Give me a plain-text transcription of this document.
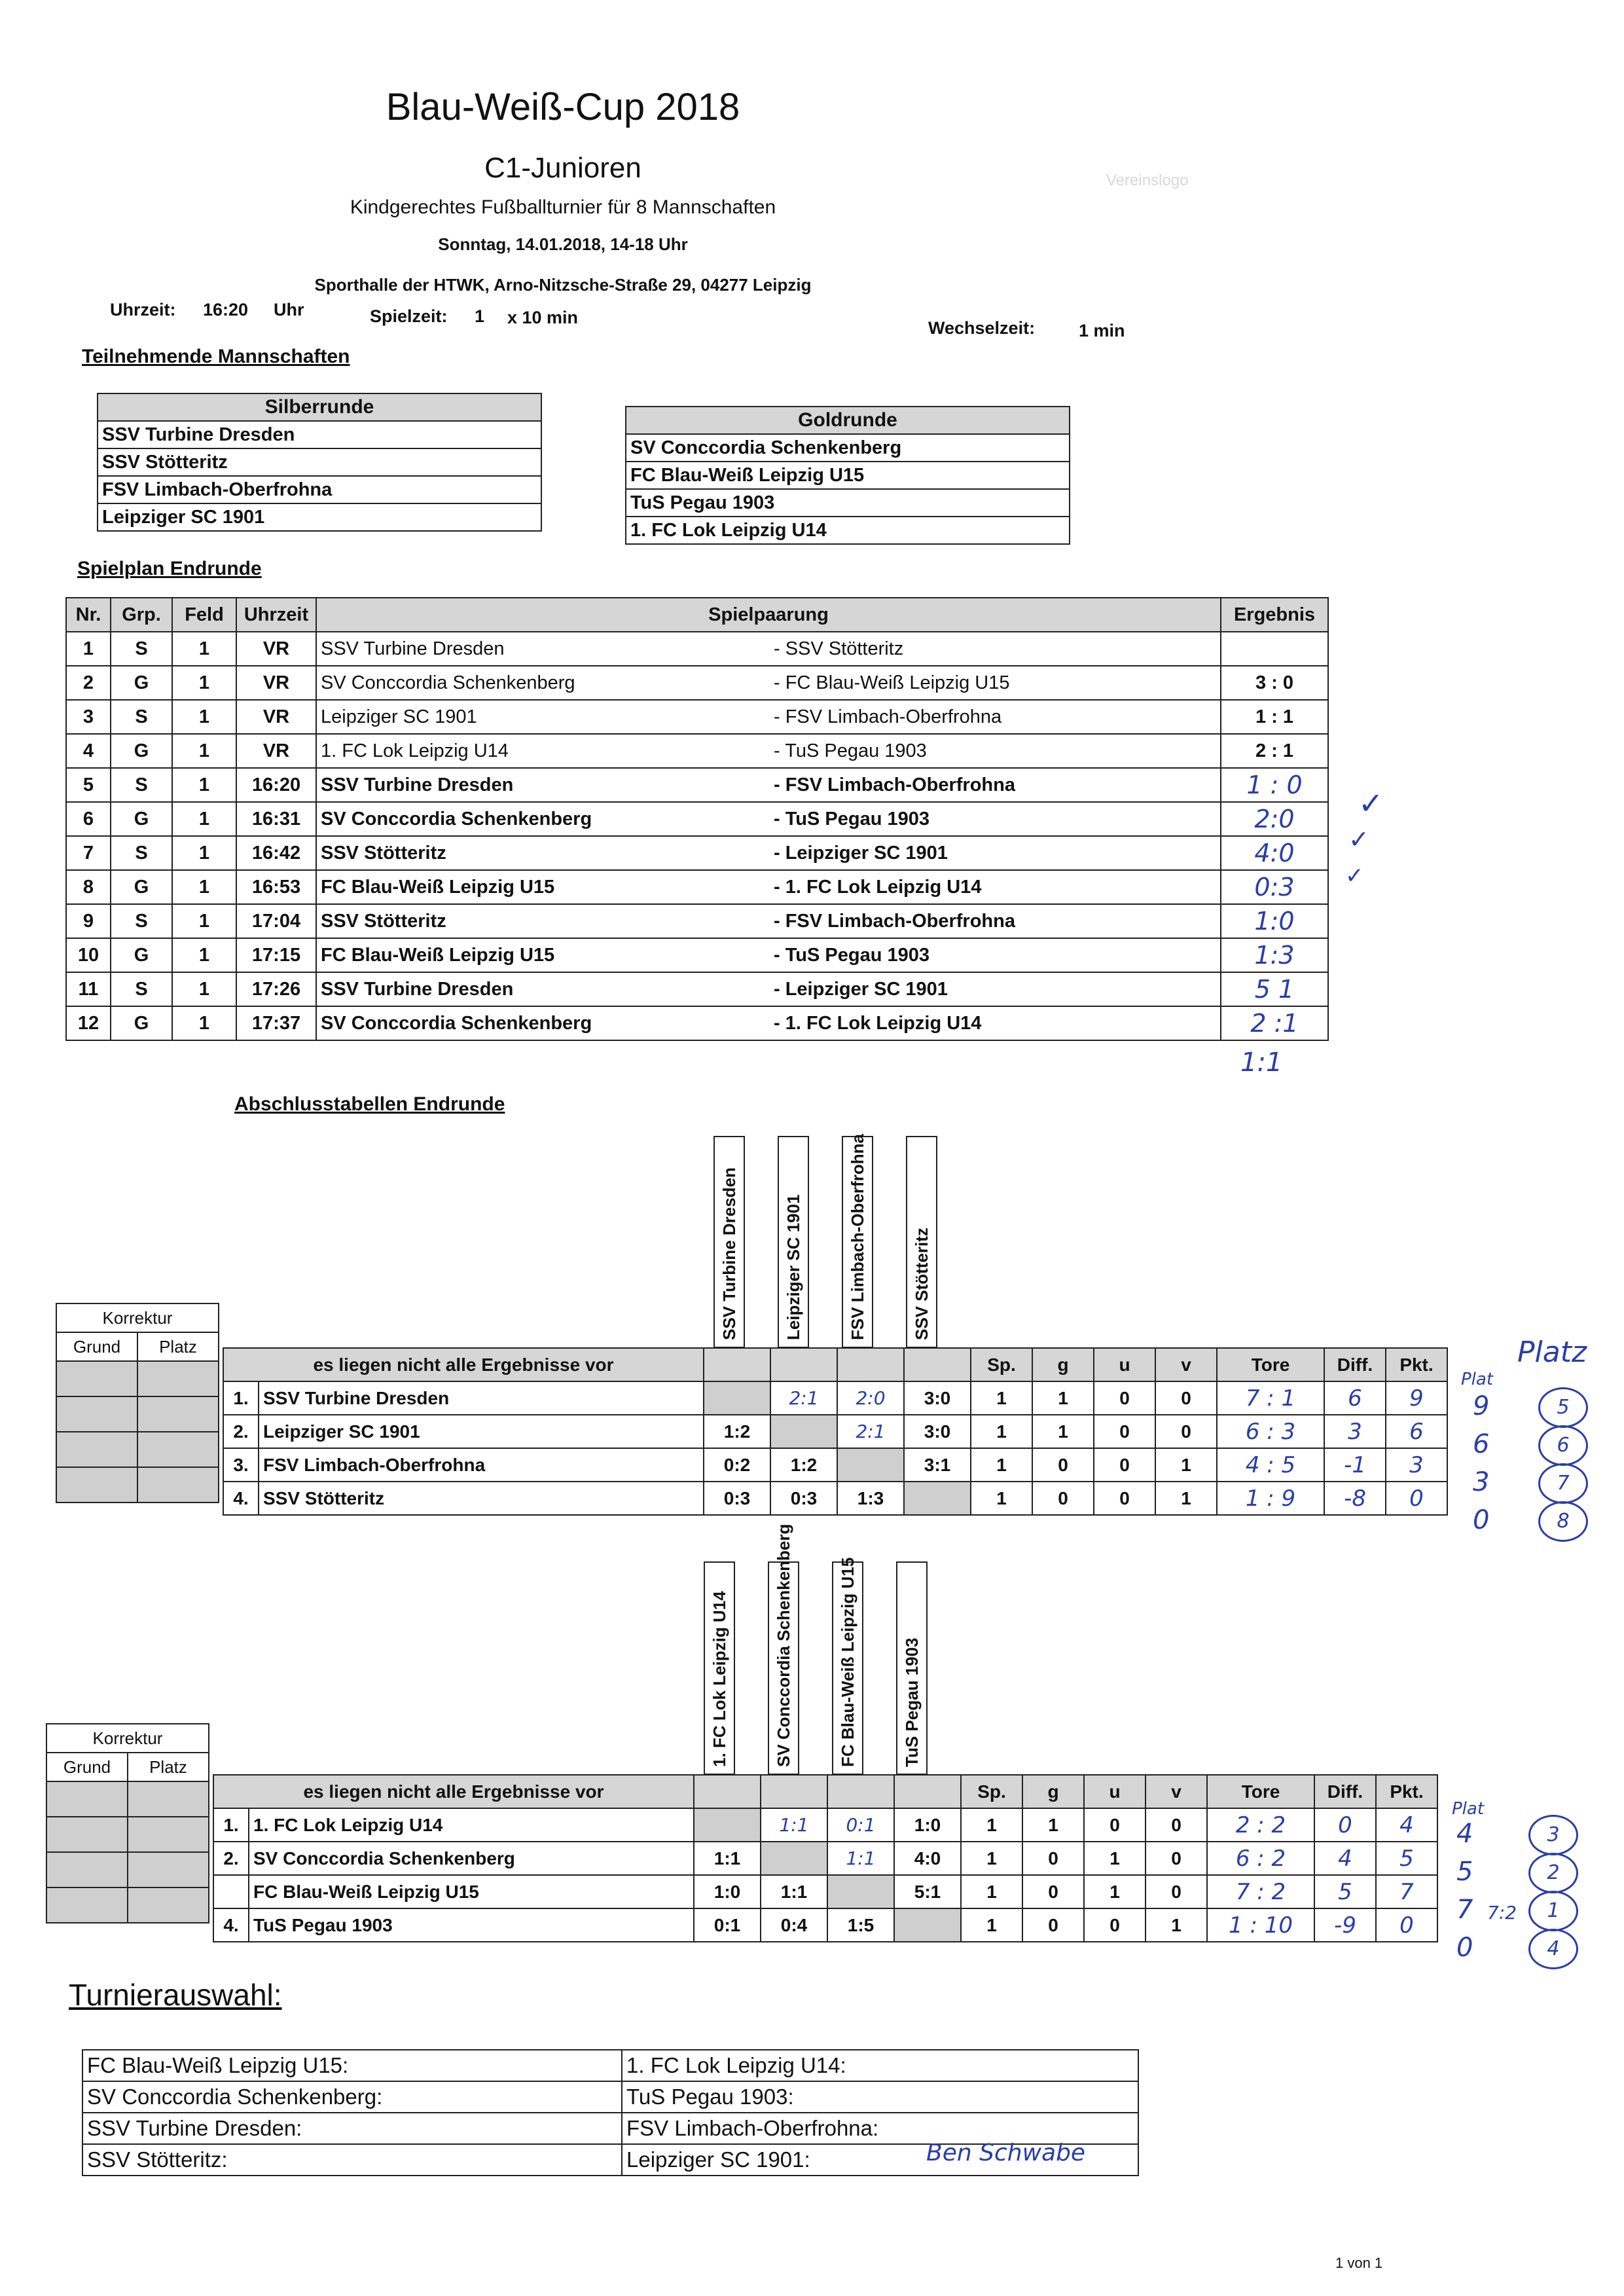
Blau-Weiß-Cup 2018
C1-Junioren
Kindgerechtes Fußballturnier für 8 Mannschaften
Sonntag, 14.01.2018, 14-18 Uhr
Sporthalle der HTWK, Arno-Nitzsche-Straße 29, 04277 Leipzig
Vereinslogo
Uhrzeit: 16:20 Uhr	Spielzeit: 1 x 10 min
Wechselzeit: 1 min
Teilnehmende Mannschaften
Silberrunde
SSV Turbine Dresden
SSV Stötteritz
FSV Limbach-Oberfrohna
Leipziger SC 1901
Goldrunde
SV Conccordia Schenkenberg
FC Blau-Weiß Leipzig U15
TuS Pegau 1903
1. FC Lok Leipzig U14
Spielplan Endrunde
Nr.	Grp.	Feld	Uhrzeit	Spielpaarung		Ergebnis
1	S	1	VR	SSV Turbine Dresden	- SSV Stötteritz	
2	G	1	VR	SV Conccordia Schenkenberg	- FC Blau-Weiß Leipzig U15	3 : 0
3	S	1	VR	Leipziger SC 1901	- FSV Limbach-Oberfrohna	1 : 1
4	G	1	VR	1. FC Lok Leipzig U14	- TuS Pegau 1903	2 : 1
5	S	1	16:20	SSV Turbine Dresden	- FSV Limbach-Oberfrohna	1 : 0
6	G	1	16:31	SV Conccordia Schenkenberg	- TuS Pegau 1903	2:0
7	S	1	16:42	SSV Stötteritz	- Leipziger SC 1901	4:0
8	G	1	16:53	FC Blau-Weiß Leipzig U15	- 1. FC Lok Leipzig U14	0:3
9	S	1	17:04	SSV Stötteritz	- FSV Limbach-Oberfrohna	1:0
10	G	1	17:15	FC Blau-Weiß Leipzig U15	- TuS Pegau 1903	1:3
11	S	1	17:26	SSV Turbine Dresden	- Leipziger SC 1901	5 1
12	G	1	17:37	SV Conccordia Schenkenberg	- 1. FC Lok Leipzig U14	2 :1
1:1
✓
✓
✓
Abschlusstabellen Endrunde
SSV Turbine Dresden	Leipziger SC 1901	FSV Limbach-Oberfrohna	SSV Stötteritz
Korrektur	
Grund	Platz

es liegen nicht alle Ergebnisse vor						Sp.	g	u	v	Tore	Diff.	Pkt.
1.	SSV Turbine Dresden		2:1	2:0	3:0	1	1	0	0	7 : 1	6	9
2.	Leipziger SC 1901	1:2		2:1	3:0	1	1	0	0	6 : 3	3	6
3.	FSV Limbach-Oberfrohna	0:2	1:2		3:1	1	0	0	1	4 : 5	-1	3
4.	SSV Stötteritz	0:3	0:3	1:3		1	0	0	1	1 : 9	-8	0
Plat
Platz
9	5
6	6
3	7
0	8
1. FC Lok Leipzig U14	SV Conccordia Schenkenberg	FC Blau-Weiß Leipzig U15	TuS Pegau 1903
Korrektur	
Grund	Platz

es liegen nicht alle Ergebnisse vor						Sp.	g	u	v	Tore	Diff.	Pkt.
1.	1. FC Lok Leipzig U14		1:1	0:1	1:0	1	1	0	0	2 : 2	0	4
2.	SV Conccordia Schenkenberg	1:1		1:1	4:0	1	0	1	0	6 : 2	4	5
	FC Blau-Weiß Leipzig U15	1:0	1:1		5:1	1	0	1	0	7 : 2	5	7
4.	TuS Pegau 1903	0:1	0:4	1:5		1	0	0	1	1 : 10	-9	0
Plat
7:2
4	3
5	2
7	1
0	4
Turnierauswahl:
FC Blau-Weiß Leipzig U15:	1. FC Lok Leipzig U14:
SV Conccordia Schenkenberg:	TuS Pegau 1903:
SSV Turbine Dresden:	FSV Limbach-Oberfrohna:
SSV Stötteritz:	Leipziger SC 1901:	Ben Schwabe
1 von 1
